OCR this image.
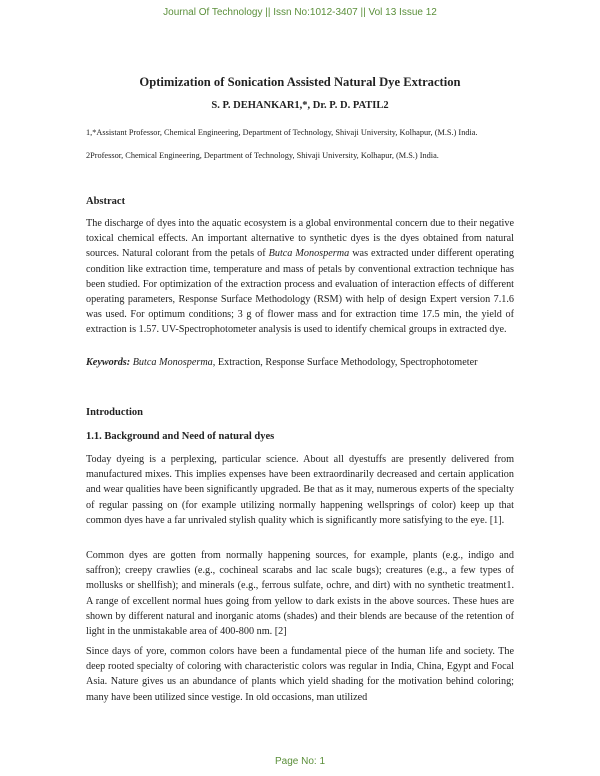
Journal Of Technology || Issn No:1012-3407 || Vol 13 Issue 12
Optimization of Sonication Assisted Natural Dye Extraction
S. P. DEHANKAR1,*, Dr. P. D. PATIL2
1,*Assistant Professor, Chemical Engineering, Department of Technology, Shivaji University, Kolhapur, (M.S.) India.
2Professor, Chemical Engineering, Department of Technology, Shivaji University, Kolhapur, (M.S.) India.
Abstract

The discharge of dyes into the aquatic ecosystem is a global environmental concern due to their negative toxical chemical effects. An important alternative to synthetic dyes is the dyes obtained from natural sources. Natural colorant from the petals of Butca Monosperma was extracted under different operating condition like extraction time, temperature and mass of petals by conventional extraction technique has been studied. For optimization of the extraction process and evaluation of interaction effects of different operating parameters, Response Surface Methodology (RSM) with help of design Expert version 7.1.6 was used. For optimum conditions; 3 g of flower mass and for extraction time 17.5 min, the yield of extraction is 1.57. UV-Spectrophotometer analysis is used to identify chemical groups in extracted dye.

Keywords: Butca Monosperma, Extraction, Response Surface Methodology, Spectrophotometer

Introduction
1.1. Background and Need of natural dyes

Today dyeing is a perplexing, particular science. About all dyestuffs are presently delivered from manufactured mixes. This implies expenses have been extraordinarily decreased and certain application and wear qualities have been significantly upgraded. Be that as it may, numerous experts of the specialty of regular passing on (for example utilizing normally happening wellsprings of color) keep up that common dyes have a far unrivaled stylish quality which is significantly more satisfying to the eye. [1].

Common dyes are gotten from normally happening sources, for example, plants (e.g., indigo and saffron); creepy crawlies (e.g., cochineal scarabs and lac scale bugs); creatures (e.g., a few types of mollusks or shellfish); and minerals (e.g., ferrous sulfate, ochre, and dirt) with no synthetic treatment1. A range of excellent normal hues going from yellow to dark exists in the above sources. These hues are shown by different natural and inorganic atoms (shades) and their blends are because of the retention of light in the unmistakable area of 400-800 nm. [2]

Since days of yore, common colors have been a fundamental piece of the human life and society. The deep rooted specialty of coloring with characteristic colors was regular in India, China, Egypt and Focal Asia. Nature gives us an abundance of plants which yield shading for the motivation behind coloring; many have been utilized since vestige. In old occasions, man utilized

Page No: 1
